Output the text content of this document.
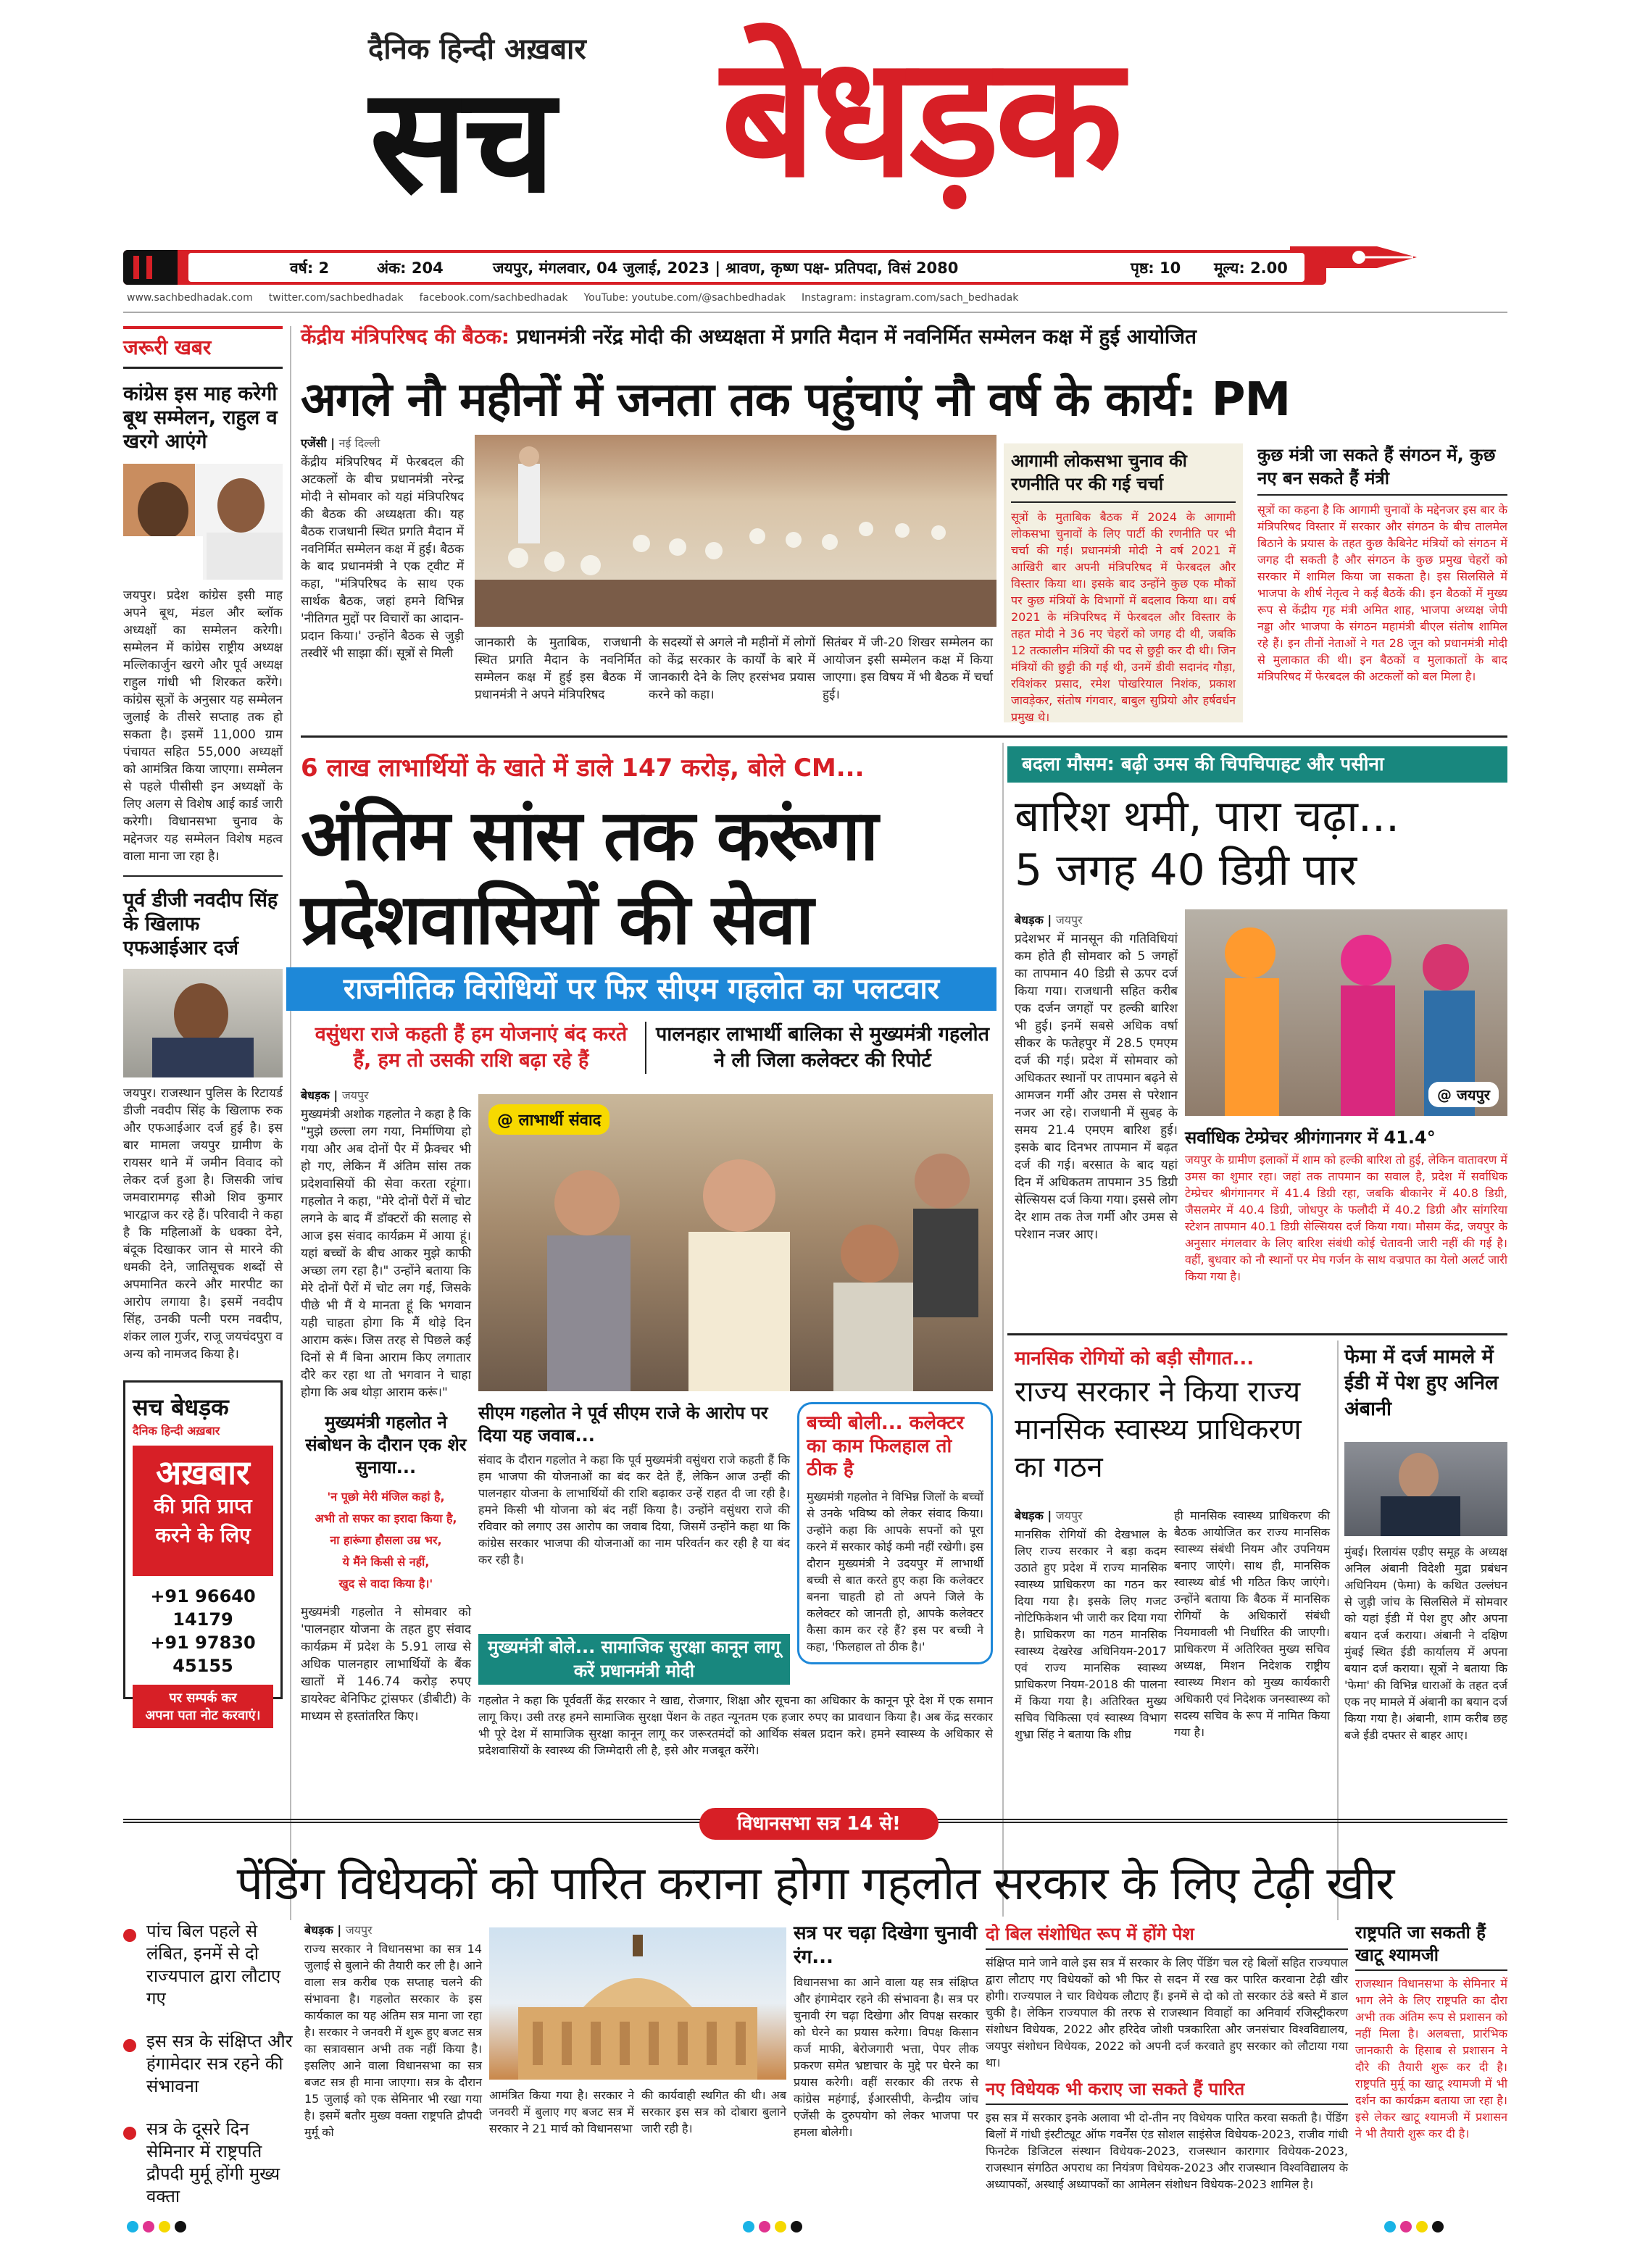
दैनिक हिन्दी अख़बार
सच बेधड़क
वर्ष: 2	अंक: 204	जयपुर, मंगलवार, 04 जुलाई, 2023 | श्रावण, कृष्ण पक्ष- प्रतिपदा, विसं 2080	पृष्ठ: 10 मूल्य: 2.00
www.sachbedhadak.com twitter.com/sachbedhadak facebook.com/sachbedhadak YouTube: youtube.com/@sachbedhadak Instagram: instagram.com/sach_bedhadak
जरूरी खबर
कांग्रेस इस माह करेगी बूथ सम्मेलन, राहुल व खरगे आएंगे
जयपुर। प्रदेश कांग्रेस इसी माह अपने बूथ, मंडल और ब्लॉक अध्यक्षों का सम्मेलन करेगी। सम्मेलन में कांग्रेस राष्ट्रीय अध्यक्ष मल्लिकार्जुन खरगे और पूर्व अध्यक्ष राहुल गांधी भी शिरकत करेंगे। कांग्रेस सूत्रों के अनुसार यह सम्मेलन जुलाई के तीसरे सप्ताह तक हो सकता है। इसमें 11,000 ग्राम पंचायत सहित 55,000 अध्यक्षों को आमंत्रित किया जाएगा। सम्मेलन से पहले पीसीसी इन अध्यक्षों के लिए अलग से विशेष आई कार्ड जारी करेगी। विधानसभा चुनाव के मद्देनजर यह सम्मेलन विशेष महत्व वाला माना जा रहा है।
पूर्व डीजी नवदीप सिंह के खिलाफ एफआईआर दर्ज
जयपुर। राजस्थान पुलिस के रिटायर्ड डीजी नवदीप सिंह के खिलाफ रुक और एफआईआर दर्ज हुई है। इस बार मामला जयपुर ग्रामीण के रायसर थाने में जमीन विवाद को लेकर दर्ज हुआ है। जिसकी जांच जमवारामगढ़ सीओ शिव कुमार भारद्वाज कर रहे हैं। परिवादी ने कहा है कि महिलाओं के धक्का देने, बंदूक दिखाकर जान से मारने की धमकी देने, जातिसूचक शब्दों से अपमानित करने और मारपीट का आरोप लगाया है। इसमें नवदीप सिंह, उनकी पत्नी परम नवदीप, शंकर लाल गुर्जर, राजू जयचंदपुरा व अन्य को नामजद किया है।
सच बेधड़क
दैनिक हिन्दी अख़बार
अख़बार
की प्रति प्राप्त
करने के लिए
+91 96640 14179
+91 97830 45155
पर सम्पर्क कर
अपना पता नोट करवाएं।
केंद्रीय मंत्रिपरिषद की बैठक: प्रधानमंत्री नरेंद्र मोदी की अध्यक्षता में प्रगति मैदान में नवनिर्मित सम्मेलन कक्ष में हुई आयोजित
अगले नौ महीनों में जनता तक पहुंचाएं नौ वर्ष के कार्य: PM
एजेंसी | नई दिल्ली
केंद्रीय मंत्रिपरिषद में फेरबदल की अटकलों के बीच प्रधानमंत्री नरेन्द्र मोदी ने सोमवार को यहां मंत्रिपरिषद की बैठक की अध्यक्षता की। यह बैठक राजधानी स्थित प्रगति मैदान में नवनिर्मित सम्मेलन कक्ष में हुई। बैठक के बाद प्रधानमंत्री ने एक ट्वीट में कहा, "मंत्रिपरिषद के साथ एक सार्थक बैठक, जहां हमने विभिन्न 'नीतिगत मुद्दों पर विचारों का आदान-प्रदान किया।' उन्होंने बैठक से जुड़ी तस्वीरें भी साझा कीं। सूत्रों से मिली
जानकारी के मुताबिक, राजधानी स्थित प्रगति मैदान के नवनिर्मित सम्मेलन कक्ष में हुई इस बैठक में प्रधानमंत्री ने अपने मंत्रिपरिषद
के सदस्यों से अगले नौ महीनों में लोगों को केंद्र सरकार के कार्यों के बारे में जानकारी देने के लिए हरसंभव प्रयास करने को कहा।
सितंबर में जी-20 शिखर सम्मेलन का आयोजन इसी सम्मेलन कक्ष में किया जाएगा। इस विषय में भी बैठक में चर्चा हुई।
आगामी लोकसभा चुनाव की रणनीति पर की गई चर्चा
सूत्रों के मुताबिक बैठक में 2024 के आगामी लोकसभा चुनावों के लिए पार्टी की रणनीति पर भी चर्चा की गई। प्रधानमंत्री मोदी ने वर्ष 2021 में आखिरी बार अपनी मंत्रिपरिषद में फेरबदल और विस्तार किया था। इसके बाद उन्होंने कुछ एक मौकों पर कुछ मंत्रियों के विभागों में बदलाव किया था। वर्ष 2021 के मंत्रिपरिषद में फेरबदल और विस्तार के तहत मोदी ने 36 नए चेहरों को जगह दी थी, जबकि 12 तत्कालीन मंत्रियों की पद से छुट्टी कर दी थी। जिन मंत्रियों की छुट्टी की गई थी, उनमें डीवी सदानंद गौड़ा, रविशंकर प्रसाद, रमेश पोखरियाल निशंक, प्रकाश जावड़ेकर, संतोष गंगवार, बाबुल सुप्रियो और हर्षवर्धन प्रमुख थे।
कुछ मंत्री जा सकते हैं संगठन में, कुछ नए बन सकते हैं मंत्री
सूत्रों का कहना है कि आगामी चुनावों के मद्देनजर इस बार के मंत्रिपरिषद विस्तार में सरकार और संगठन के बीच तालमेल बिठाने के प्रयास के तहत कुछ कैबिनेट मंत्रियों को संगठन में जगह दी सकती है और संगठन के कुछ प्रमुख चेहरों को सरकार में शामिल किया जा सकता है। इस सिलसिले में भाजपा के शीर्ष नेतृत्व ने कई बैठकें की। इन बैठकों में मुख्य रूप से केंद्रीय गृह मंत्री अमित शाह, भाजपा अध्यक्ष जेपी नड्डा और भाजपा के संगठन महामंत्री बीएल संतोष शामिल रहे हैं। इन तीनों नेताओं ने गत 28 जून को प्रधानमंत्री मोदी से मुलाकात की थी। इन बैठकों व मुलाकातों के बाद मंत्रिपरिषद में फेरबदल की अटकलों को बल मिला है।
6 लाख लाभार्थियों के खाते में डाले 147 करोड़, बोले CM...
अंतिम सांस तक करूंगा
प्रदेशवासियों की सेवा
राजनीतिक विरोधियों पर फिर सीएम गहलोत का पलटवार
वसुंधरा राजे कहती हैं हम योजनाएं बंद करते हैं, हम तो उसकी राशि बढ़ा रहे हैं
पालनहार लाभार्थी बालिका से मुख्यमंत्री गहलोत ने ली जिला कलेक्टर की रिपोर्ट
बेधड़क | जयपुर
मुख्यमंत्री अशोक गहलोत ने कहा है कि "मुझे छल्ला लग गया, निर्माणिया हो गया और अब दोनों पैर में फ्रैक्चर भी हो गए, लेकिन मैं अंतिम सांस तक प्रदेशवासियों की सेवा करता रहूंगा। गहलोत ने कहा, "मेरे दोनों पैरों में चोट लगने के बाद मैं डॉक्टरों की सलाह से आज इस संवाद कार्यक्रम में आया हूं। यहां बच्चों के बीच आकर मुझे काफी अच्छा लग रहा है।" उन्होंने बताया कि मेरे दोनों पैरों में चोट लग गई, जिसके पीछे भी मैं ये मानता हूं कि भगवान यही चाहता होगा कि मैं थोड़े दिन आराम करूं। जिस तरह से पिछले कई दिनों से मैं बिना आराम किए लगातार दौरे कर रहा था तो भगवान ने चाहा होगा कि अब थोड़ा आराम करूं।"
मुख्यमंत्री गहलोत ने संबोधन के दौरान एक शेर सुनाया...
'न पूछो मेरी मंजिल कहां है,
अभी तो सफर का इरादा किया है,
ना हारूंगा हौसला उम्र भर,
ये मैंने किसी से नहीं,
खुद से वादा किया है।'
मुख्यमंत्री गहलोत ने सोमवार को 'पालनहार योजना के तहत हुए संवाद कार्यक्रम में प्रदेश के 5.91 लाख से अधिक पालनहार लाभार्थियों के बैंक खातों में 146.74 करोड़ रुपए डायरेक्ट बेनिफिट ट्रांसफर (डीबीटी) के माध्यम से हस्तांतरित किए।
@ लाभार्थी संवाद
सीएम गहलोत ने पूर्व सीएम राजे के आरोप पर दिया यह जवाब...
संवाद के दौरान गहलोत ने कहा कि पूर्व मुख्यमंत्री वसुंधरा राजे कहती हैं कि हम भाजपा की योजनाओं का बंद कर देते हैं, लेकिन आज उन्हीं की पालनहार योजना के लाभार्थियों की राशि बढ़ाकर उन्हें राहत दी जा रही है। हमने किसी भी योजना को बंद नहीं किया है। उन्होंने वसुंधरा राजे की रविवार को लगाए उस आरोप का जवाब दिया, जिसमें उन्होंने कहा था कि कांग्रेस सरकार भाजपा की योजनाओं का नाम परिवर्तन कर रही है या बंद कर रही है।
बच्ची बोली... कलेक्टर का काम फिलहाल तो ठीक है
मुख्यमंत्री गहलोत ने विभिन्न जिलों के बच्चों से उनके भविष्य को लेकर संवाद किया। उन्होंने कहा कि आपके सपनों को पूरा करने में सरकार कोई कमी नहीं रखेगी। इस दौरान मुख्यमंत्री ने उदयपुर में लाभार्थी बच्ची से बात करते हुए कहा कि कलेक्टर बनना चाहती हो तो अपने जिले के कलेक्टर को जानती हो, आपके कलेक्टर कैसा काम कर रहे हैं? इस पर बच्ची ने कहा, 'फिलहाल तो ठीक है।'
मुख्यमंत्री बोले... सामाजिक सुरक्षा कानून लागू करें प्रधानमंत्री मोदी
गहलोत ने कहा कि पूर्ववर्ती केंद्र सरकार ने खाद्य, रोजगार, शिक्षा और सूचना का अधिकार के कानून पूरे देश में एक समान लागू किए। उसी तरह हमने सामाजिक सुरक्षा पेंशन के तहत न्यूनतम एक हजार रुपए का प्रावधान किया है। अब केंद्र सरकार भी पूरे देश में सामाजिक सुरक्षा कानून लागू कर जरूरतमंदों को आर्थिक संबल प्रदान करे। हमने स्वास्थ्य के अधिकार से प्रदेशवासियों के स्वास्थ्य की जिम्मेदारी ली है, इसे और मजबूत करेंगे।
बदला मौसम: बढ़ी उमस की चिपचिपाहट और पसीना
बारिश थमी, पारा चढ़ा...
5 जगह 40 डिग्री पार
बेधड़क | जयपुर
प्रदेशभर में मानसून की गतिविधियां कम होते ही सोमवार को 5 जगहों का तापमान 40 डिग्री से ऊपर दर्ज किया गया। राजधानी सहित करीब एक दर्जन जगहों पर हल्की बारिश भी हुई। इनमें सबसे अधिक वर्षा सीकर के फतेहपुर में 28.5 एमएम दर्ज की गई। प्रदेश में सोमवार को अधिकतर स्थानों पर तापमान बढ़ने से आमजन गर्मी और उमस से परेशान नजर आ रहे। राजधानी में सुबह के समय 21.4 एमएम बारिश हुई। इसके बाद दिनभर तापमान में बढ़त दर्ज की गई। बरसात के बाद यहां दिन में अधिकतम तापमान 35 डिग्री सेल्सियस दर्ज किया गया। इससे लोग देर शाम तक तेज गर्मी और उमस से परेशान नजर आए।
@ जयपुर
सर्वाधिक टेम्प्रेचर श्रीगंगानगर में 41.4°
जयपुर के ग्रामीण इलाकों में शाम को हल्की बारिश तो हुई, लेकिन वातावरण में उमस का शुमार रहा। जहां तक तापमान का सवाल है, प्रदेश में सर्वाधिक टेम्प्रेचर श्रीगंगानगर में 41.4 डिग्री रहा, जबकि बीकानेर में 40.8 डिग्री, जैसलमेर में 40.4 डिग्री, जोधपुर के फलौदी में 40.2 डिग्री और सांगरिया स्टेशन तापमान 40.1 डिग्री सेल्सियस दर्ज किया गया। मौसम केंद्र, जयपुर के अनुसार मंगलवार के लिए बारिश संबंधी कोई चेतावनी जारी नहीं की गई है। वहीं, बुधवार को नौ स्थानों पर मेघ गर्जन के साथ वज्रपात का येलो अलर्ट जारी किया गया है।
मानसिक रोगियों को बड़ी सौगात...
राज्य सरकार ने किया राज्य मानसिक स्वास्थ्य प्राधिकरण का गठन
बेधड़क | जयपुर
मानसिक रोगियों की देखभाल के लिए राज्य सरकार ने बड़ा कदम उठाते हुए प्रदेश में राज्य मानसिक स्वास्थ्य प्राधिकरण का गठन कर दिया गया है। इसके लिए गजट नोटिफिकेशन भी जारी कर दिया गया है। प्राधिकरण का गठन मानसिक स्वास्थ्य देखरेख अधिनियम-2017 एवं राज्य मानसिक स्वास्थ्य प्राधिकरण नियम-2018 की पालना में किया गया है। अतिरिक्त मुख्य सचिव चिकित्सा एवं स्वास्थ्य विभाग शुभ्रा सिंह ने बताया कि शीघ्र
ही मानसिक स्वास्थ्य प्राधिकरण की बैठक आयोजित कर राज्य मानसिक स्वास्थ्य संबंधी नियम और उपनियम बनाए जाएंगे। साथ ही, मानसिक स्वास्थ्य बोर्ड भी गठित किए जाएंगे। उन्होंने बताया कि बैठक में मानसिक रोगियों के अधिकारों संबंधी नियमावली भी निर्धारित की जाएगी। प्राधिकरण में अतिरिक्त मुख्य सचिव अध्यक्ष, मिशन निदेशक राष्ट्रीय स्वास्थ्य मिशन को मुख्य कार्यकारी अधिकारी एवं निदेशक जनस्वास्थ्य को सदस्य सचिव के रूप में नामित किया गया है।
फेमा में दर्ज मामले में ईडी में पेश हुए अनिल अंबानी
मुंबई। रिलायंस एडीए समूह के अध्यक्ष अनिल अंबानी विदेशी मुद्रा प्रबंधन अधिनियम (फेमा) के कथित उल्लंघन से जुड़ी जांच के सिलसिले में सोमवार को यहां ईडी में पेश हुए और अपना बयान दर्ज कराया। अंबानी ने दक्षिण मुंबई स्थित ईडी कार्यालय में अपना बयान दर्ज कराया। सूत्रों ने बताया कि 'फेमा' की विभिन्न धाराओं के तहत दर्ज एक नए मामले में अंबानी का बयान दर्ज किया गया है। अंबानी, शाम करीब छह बजे ईडी दफ्तर से बाहर आए।
विधानसभा सत्र 14 से!
पेंडिंग विधेयकों को पारित कराना होगा गहलोत सरकार के लिए टेढ़ी खीर
पांच बिल पहले से लंबित, इनमें से दो राज्यपाल द्वारा लौटाए गए
इस सत्र के संक्षिप्त और हंगामेदार सत्र रहने की संभावना
सत्र के दूसरे दिन सेमिनार में राष्ट्रपति द्रौपदी मुर्मू होंगी मुख्य वक्ता
बेधड़क | जयपुर
राज्य सरकार ने विधानसभा का सत्र 14 जुलाई से बुलाने की तैयारी कर ली है। आने वाला सत्र करीब एक सप्ताह चलने की संभावना है। गहलोत सरकार के इस कार्यकाल का यह अंतिम सत्र माना जा रहा है। सरकार ने जनवरी में शुरू हुए बजट सत्र का सत्रावसान अभी तक नहीं किया है। इसलिए आने वाला विधानसभा का सत्र बजट सत्र ही माना जाएगा। सत्र के दौरान 15 जुलाई को एक सेमिनार भी रखा गया है। इसमें बतौर मुख्य वक्ता राष्ट्रपति द्रौपदी मुर्मू को
आमंत्रित किया गया है। सरकार ने जनवरी में बुलाए गए बजट सत्र में सरकार ने 21 मार्च को विधानसभा
की कार्यवाही स्थगित की थी। अब सरकार इस सत्र को दोबारा बुलाने जारी रही है।
सत्र पर चढ़ा दिखेगा चुनावी रंग...
विधानसभा का आने वाला यह सत्र संक्षिप्त और हंगामेदार रहने की संभावना है। सत्र पर चुनावी रंग चढ़ा दिखेगा और विपक्ष सरकार को घेरने का प्रयास करेगा। विपक्ष किसान कर्ज माफी, बेरोजगारी भत्ता, पेपर लीक प्रकरण समेत भ्रष्टाचार के मुद्दे पर घेरने का प्रयास करेगी। वहीं सरकार की तरफ से कांग्रेस महंगाई, ईआरसीपी, केन्द्रीय जांच एजेंसी के दुरुपयोग को लेकर भाजपा पर हमला बोलेगी।
दो बिल संशोधित रूप में होंगे पेश
संक्षिप्त माने जाने वाले इस सत्र में सरकार के लिए पेंडिंग चल रहे बिलों सहित राज्यपाल द्वारा लौटाए गए विधेयकों को भी फिर से सदन में रख कर पारित करवाना टेढ़ी खीर होगी। राज्यपाल ने चार विधेयक लौटाए हैं। इनमें से दो को तो सरकार ठंडे बस्ते में डाल चुकी है। लेकिन राज्यपाल की तरफ से राजस्थान विवाहों का अनिवार्य रजिस्ट्रीकरण संशोधन विधेयक, 2022 और हरिदेव जोशी पत्रकारिता और जनसंचार विश्वविद्यालय, जयपुर संशोधन विधेयक, 2022 को अपनी दर्ज करवाते हुए सरकार को लौटाया गया था।
नए विधेयक भी कराए जा सकते हैं पारित
इस सत्र में सरकार इनके अलावा भी दो-तीन नए विधेयक पारित करवा सकती है। पेंडिंग बिलों में गांधी इंस्टीट्यूट ऑफ गवर्नेंस एंड सोशल साइंसेज विधेयक-2023, राजीव गांधी फिनटेक डिजिटल संस्थान विधेयक-2023, राजस्थान कारागार विधेयक-2023, राजस्थान संगठित अपराध का नियंत्रण विधेयक-2023 और राजस्थान विश्वविद्यालय के अध्यापकों, अस्थाई अध्यापकों का आमेलन संशोधन विधेयक-2023 शामिल है।
राष्ट्रपति जा सकती हैं खाटू श्यामजी
राजस्थान विधानसभा के सेमिनार में भाग लेने के लिए राष्ट्रपति का दौरा अभी तक अंतिम रूप से प्रशासन को नहीं मिला है। अलबत्ता, प्रारंभिक जानकारी के हिसाब से प्रशासन ने दौरे की तैयारी शुरू कर दी है। राष्ट्रपति मुर्मू का खाटू श्यामजी में भी दर्शन का कार्यक्रम बताया जा रहा है। इसे लेकर खाटू श्यामजी में प्रशासन ने भी तैयारी शुरू कर दी है।
